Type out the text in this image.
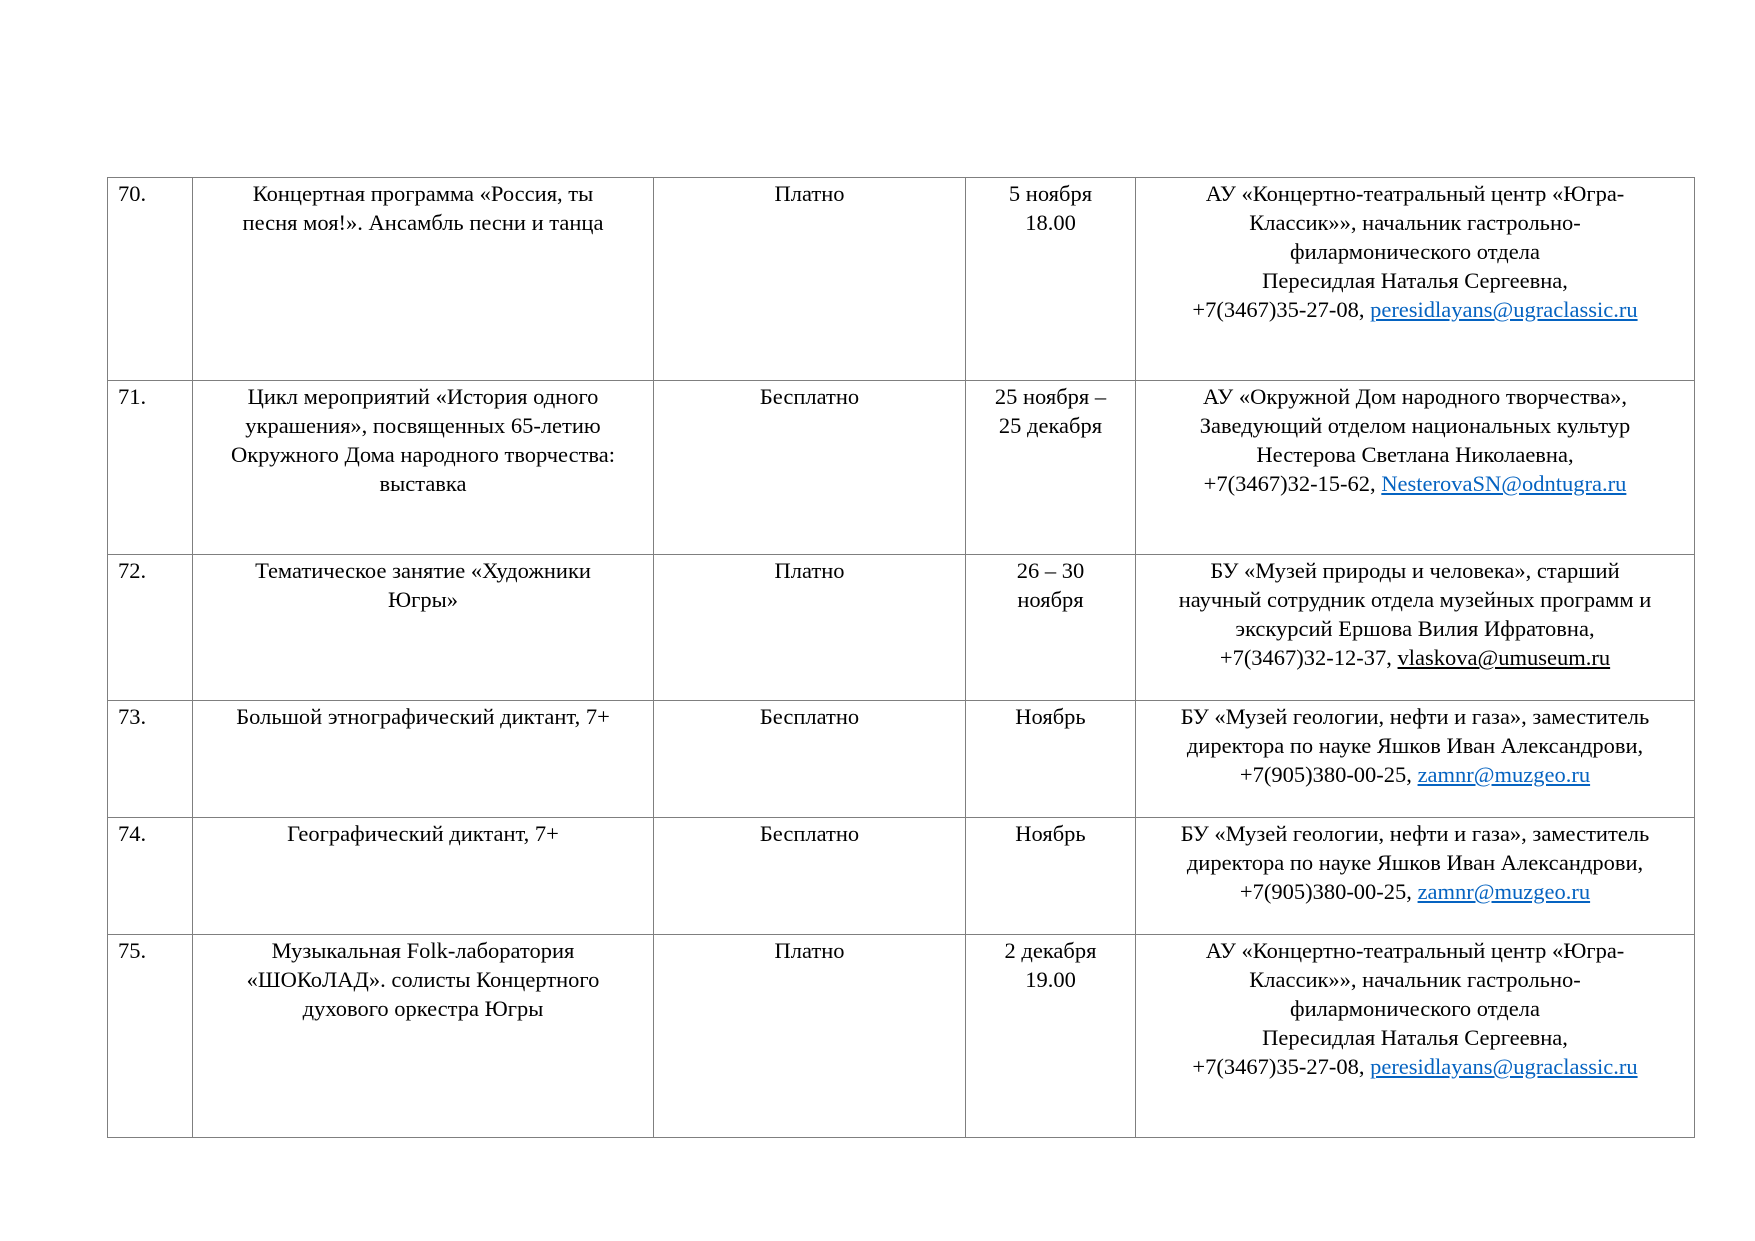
70.	Концертная программа «Россия, ты
песня моя!». Ансамбль песни и танца	Платно	5 ноября
18.00	АУ «Концертно-театральный центр «Югра-
Классик»», начальник гастрольно-
филармонического отдела
Пересидлая Наталья Сергеевна,
+7(3467)35-27-08, peresidlayans@ugraclassic.ru

71.	Цикл мероприятий «История одного
украшения», посвященных 65-летию
Окружного Дома народного творчества:
выставка	Бесплатно	25 ноября –
25 декабря	АУ «Окружной Дом народного творчества»,
Заведующий отделом национальных культур
Нестерова Светлана Николаевна,
+7(3467)32-15-62, NesterovaSN@odntugra.ru

72.	Тематическое занятие «Художники
Югры»	Платно	26 – 30
ноября	БУ «Музей природы и человека», старший
научный сотрудник отдела музейных программ и
экскурсий Ершова Вилия Ифратовна,
+7(3467)32-12-37, vlaskova@umuseum.ru

73.	Большой этнографический диктант, 7+	Бесплатно	Ноябрь	БУ «Музей геологии, нефти и газа», заместитель
директора по науке Яшков Иван Александрови,
+7(905)380-00-25, zamnr@muzgeo.ru

74.	Географический диктант, 7+	Бесплатно	Ноябрь	БУ «Музей геологии, нефти и газа», заместитель
директора по науке Яшков Иван Александрови,
+7(905)380-00-25, zamnr@muzgeo.ru

75.	Музыкальная Folk-лаборатория
«ШОКоЛАД». солисты Концертного
духового оркестра Югры	Платно	2 декабря
19.00	АУ «Концертно-театральный центр «Югра-
Классик»», начальник гастрольно-
филармонического отдела
Пересидлая Наталья Сергеевна,
+7(3467)35-27-08, peresidlayans@ugraclassic.ru
